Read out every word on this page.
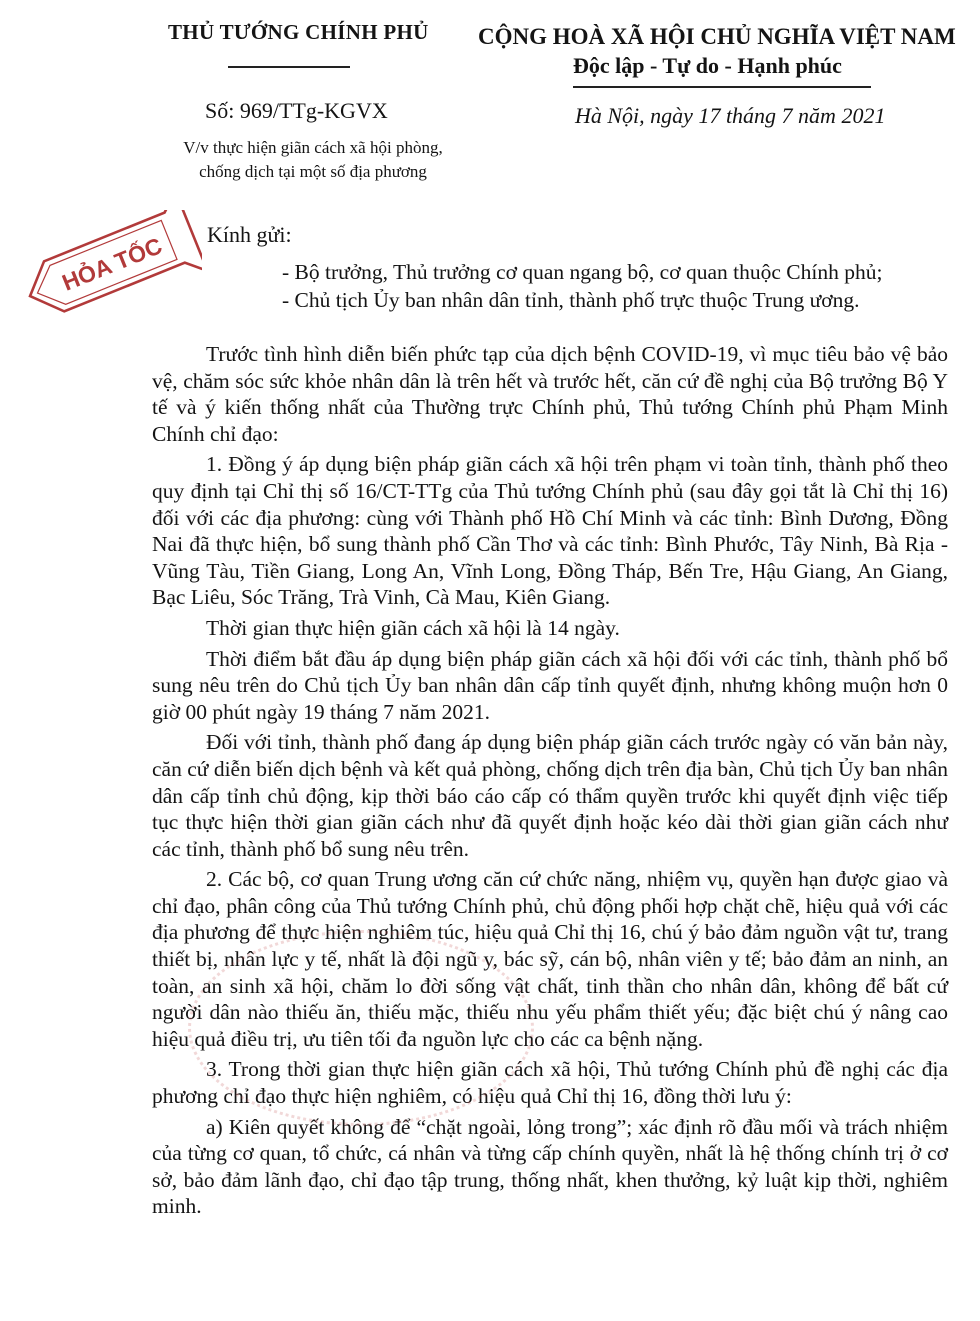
THỦ TƯỚNG CHÍNH PHỦ CỘNG HOÀ XÃ HỘI CHỦ NGHĨA VIỆT NAM
Độc lập - Tự do - Hạnh phúc
Số: 969/TTg-KGVX
V/v thực hiện giãn cách xã hội phòng,
chống dịch tại một số địa phương
Hà Nội, ngày 17 tháng 7 năm 2021
HỎA TỐC Kính gửi:
- Bộ trưởng, Thủ trưởng cơ quan ngang bộ, cơ quan thuộc Chính phủ;
- Chủ tịch Ủy ban nhân dân tỉnh, thành phố trực thuộc Trung ương.

Trước tình hình diễn biến phức tạp của dịch bệnh COVID-19, vì mục tiêu bảo vệ bảo vệ, chăm sóc sức khỏe nhân dân là trên hết và trước hết, căn cứ đề nghị của Bộ trưởng Bộ Y tế và ý kiến thống nhất của Thường trực Chính phủ, Thủ tướng Chính phủ Phạm Minh Chính chỉ đạo:

1. Đồng ý áp dụng biện pháp giãn cách xã hội trên phạm vi toàn tỉnh, thành phố theo quy định tại Chỉ thị số 16/CT-TTg của Thủ tướng Chính phủ (sau đây gọi tắt là Chỉ thị 16) đối với các địa phương: cùng với Thành phố Hồ Chí Minh và các tỉnh: Bình Dương, Đồng Nai đã thực hiện, bổ sung thành phố Cần Thơ và các tỉnh: Bình Phước, Tây Ninh, Bà Rịa - Vũng Tàu, Tiền Giang, Long An, Vĩnh Long, Đồng Tháp, Bến Tre, Hậu Giang, An Giang, Bạc Liêu, Sóc Trăng, Trà Vinh, Cà Mau, Kiên Giang.

Thời gian thực hiện giãn cách xã hội là 14 ngày.

Thời điểm bắt đầu áp dụng biện pháp giãn cách xã hội đối với các tỉnh, thành phố bổ sung nêu trên do Chủ tịch Ủy ban nhân dân cấp tỉnh quyết định, nhưng không muộn hơn 0 giờ 00 phút ngày 19 tháng 7 năm 2021.

Đối với tỉnh, thành phố đang áp dụng biện pháp giãn cách trước ngày có văn bản này, căn cứ diễn biến dịch bệnh và kết quả phòng, chống dịch trên địa bàn, Chủ tịch Ủy ban nhân dân cấp tỉnh chủ động, kịp thời báo cáo cấp có thẩm quyền trước khi quyết định việc tiếp tục thực hiện thời gian giãn cách như đã quyết định hoặc kéo dài thời gian giãn cách như các tỉnh, thành phố bổ sung nêu trên.

2. Các bộ, cơ quan Trung ương căn cứ chức năng, nhiệm vụ, quyền hạn được giao và chỉ đạo, phân công của Thủ tướng Chính phủ, chủ động phối hợp chặt chẽ, hiệu quả với các địa phương để thực hiện nghiêm túc, hiệu quả Chỉ thị 16, chú ý bảo đảm nguồn vật tư, trang thiết bị, nhân lực y tế, nhất là đội ngũ y, bác sỹ, cán bộ, nhân viên y tế; bảo đảm an ninh, an toàn, an sinh xã hội, chăm lo đời sống vật chất, tinh thần cho nhân dân, không để bất cứ người dân nào thiếu ăn, thiếu mặc, thiếu nhu yếu phẩm thiết yếu; đặc biệt chú ý nâng cao hiệu quả điều trị, ưu tiên tối đa nguồn lực cho các ca bệnh nặng.

3. Trong thời gian thực hiện giãn cách xã hội, Thủ tướng Chính phủ đề nghị các địa phương chỉ đạo thực hiện nghiêm, có hiệu quả Chỉ thị 16, đồng thời lưu ý:

a) Kiên quyết không để “chặt ngoài, lỏng trong”; xác định rõ đầu mối và trách nhiệm của từng cơ quan, tổ chức, cá nhân và từng cấp chính quyền, nhất là hệ thống chính trị ở cơ sở, bảo đảm lãnh đạo, chỉ đạo tập trung, thống nhất, khen thưởng, kỷ luật kịp thời, nghiêm minh.
